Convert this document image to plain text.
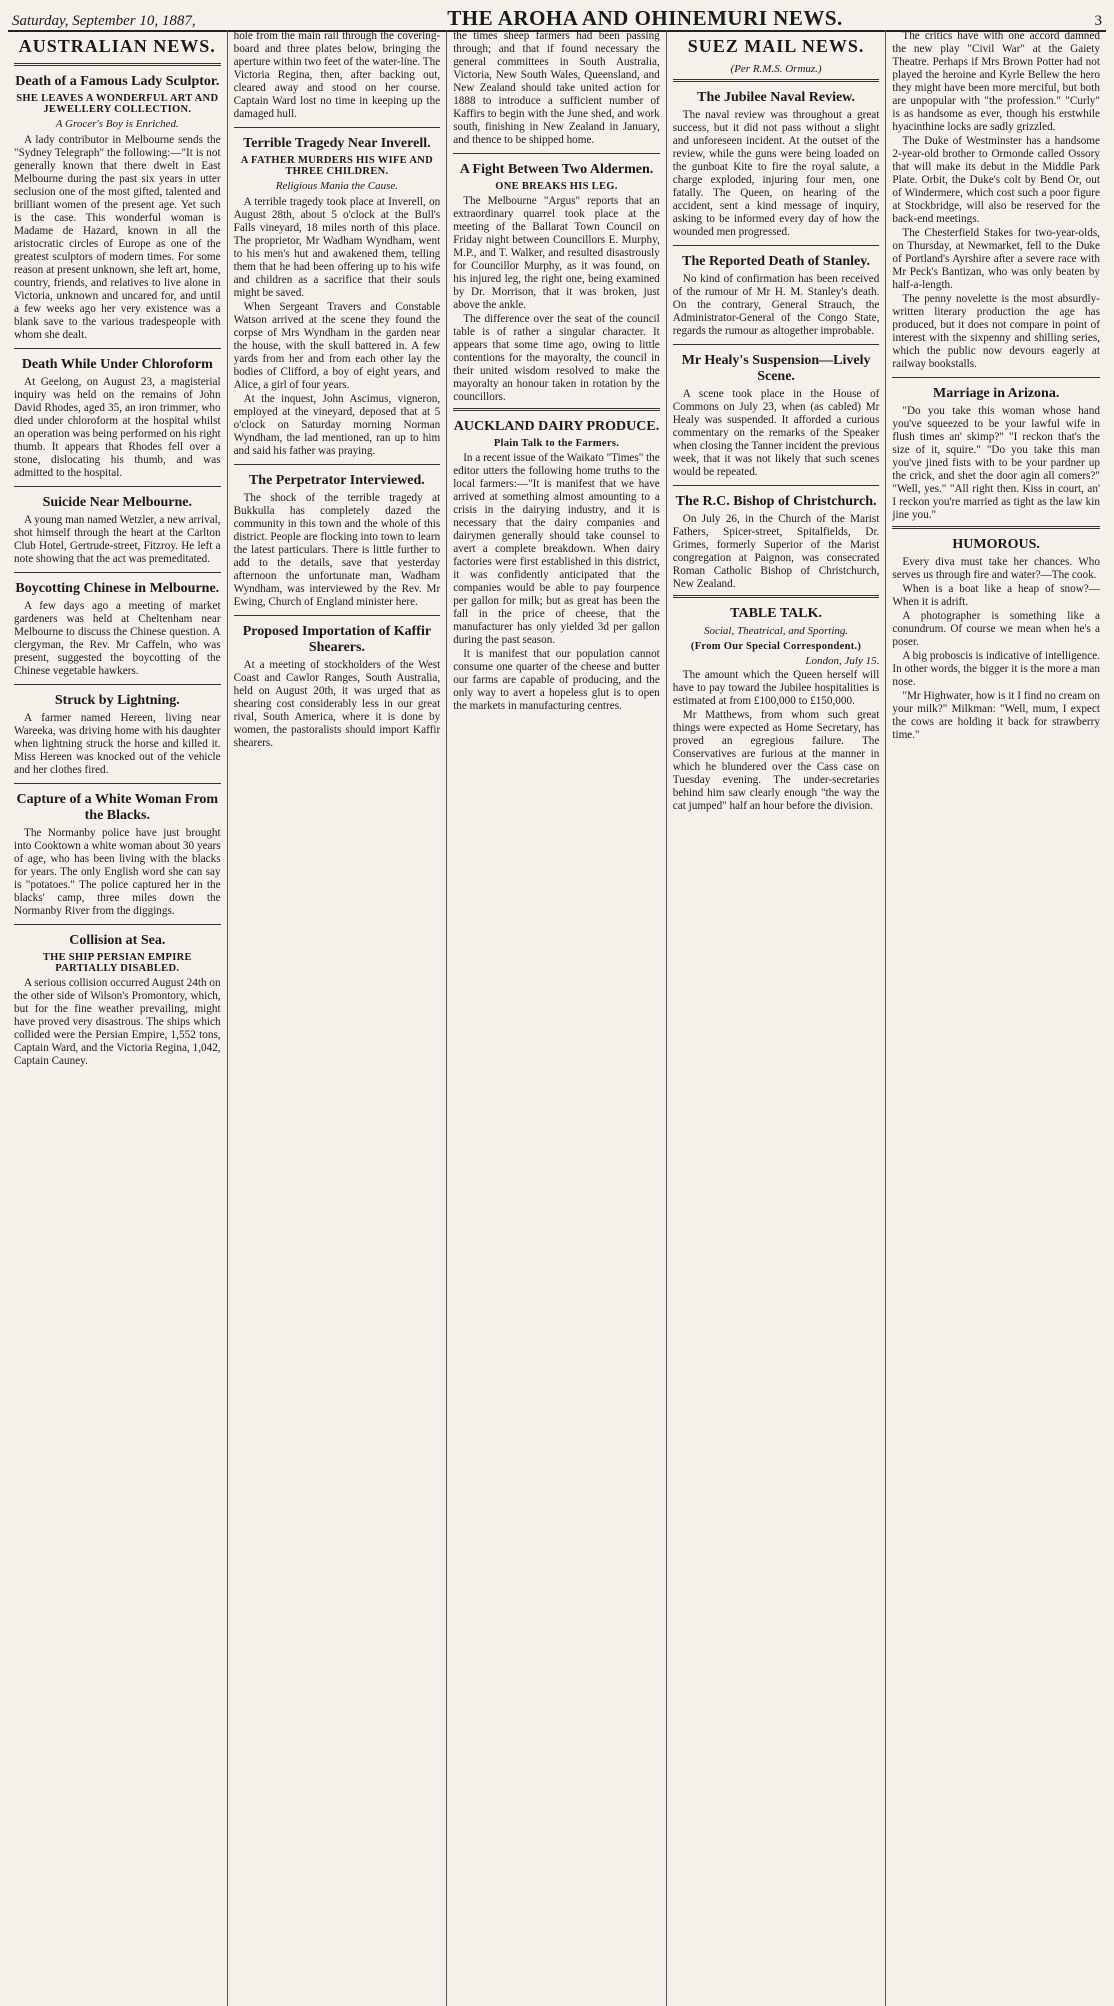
Saturday, September 10, 1887,	THE AROHA AND OHINEMURI NEWS.	3
AUSTRALIAN NEWS.
Death of a Famous Lady Sculptor.
SHE LEAVES A WONDERFUL ART AND JEWELLERY COLLECTION.
A Grocer's Boy is Enriched.

A lady contributor in Melbourne sends the "Sydney Telegraph" the following:—"It is not generally known that there dwelt in East Melbourne during the past six years in utter seclusion one of the most gifted, talented and brilliant women of the present age. Yet such is the case. This wonderful woman is Madame de Hazard, known in all the aristocratic circles of Europe as one of the greatest sculptors of modern times. For some reason at present unknown, she left art, home, country, friends, and relatives to live alone in Victoria, unknown and uncared for, and until a few weeks ago her very existence was a blank save to the various tradespeople with whom she dealt.

Death While Under Chloroform

At Geelong, on August 23, a magisterial inquiry was held on the remains of John David Rhodes, aged 35, an iron trimmer, who died under chloroform at the hospital whilst an operation was being performed on his right thumb. It appears that Rhodes fell over a stone, dislocating his thumb, and was admitted to the hospital.

Suicide Near Melbourne.

A young man named Wetzler, a new arrival, shot himself through the heart at the Carlton Club Hotel, Gertrude-street, Fitzroy. He left a note showing that the act was premeditated.

Boycotting Chinese in Melbourne.

A few days ago a meeting of market gardeners was held at Cheltenham near Melbourne to discuss the Chinese question. A clergyman, the Rev. Mr Caffeln, who was present, suggested the boycotting of the Chinese vegetable hawkers.

Struck by Lightning.

A farmer named Hereen, living near Wareeka, was driving home with his daughter when lightning struck the horse and killed it. Miss Hereen was knocked out of the vehicle and her clothes fired.

Capture of a White Woman From the Blacks.

The Normanby police have just brought into Cooktown a white woman about 30 years of age, who has been living with the blacks for years. The only English word she can say is "potatoes." The police captured her in the blacks' camp, three miles down the Normanby River from the diggings.

Collision at Sea.
THE SHIP PERSIAN EMPIRE PARTIALLY DISABLED.

A serious collision occurred August 24th on the other side of Wilson's Promontory, which, but for the fine weather prevailing, might have proved very disastrous. The ships which collided were the Persian Empire, 1,552 tons, Captain Ward, and the Victoria Regina, 1,042, Captain Cauney.

hole from the main rail through the covering-board and three plates below, bringing the aperture within two feet of the water-line. The Victoria Regina, then, after backing out, cleared away and stood on her course. Captain Ward lost no time in keeping up the damaged hull.

Terrible Tragedy Near Inverell.
A FATHER MURDERS HIS WIFE AND THREE CHILDREN.
Religious Mania the Cause.

A terrible tragedy took place at Inverell, on August 28th, about 5 o'clock at the Bull's Falls vineyard, 18 miles north of this place. The proprietor, Mr Wadham Wyndham, went to his men's hut and awakened them, telling them that he had been offering up to his wife and children as a sacrifice that their souls might be saved.

When Sergeant Travers and Constable Watson arrived at the scene they found the corpse of Mrs Wyndham in the garden near the house, with the skull battered in. A few yards from her and from each other lay the bodies of Clifford, a boy of eight years, and Alice, a girl of four years.

At the inquest, John Ascimus, vigneron, employed at the vineyard, deposed that at 5 o'clock on Saturday morning Norman Wyndham, the lad mentioned, ran up to him and said his father was praying.

The Perpetrator Interviewed.

The shock of the terrible tragedy at Bukkulla has completely dazed the community in this town and the whole of this district. People are flocking into town to learn the latest particulars. There is little further to add to the details, save that yesterday afternoon the unfortunate man, Wadham Wyndham, was interviewed by the Rev. Mr Ewing, Church of England minister here.

Proposed Importation of Kaffir Shearers.

At a meeting of stockholders of the West Coast and Cawlor Ranges, South Australia, held on August 20th, it was urged that as shearing cost considerably less in our great rival, South America, where it is done by women, the pastoralists should import Kaffir shearers.

the times sheep farmers had been passing through; and that if found necessary the general committees in South Australia, Victoria, New South Wales, Queensland, and New Zealand should take united action for 1888 to introduce a sufficient number of Kaffirs to begin with the June shed, and work south, finishing in New Zealand in January, and thence to be shipped home.

A Fight Between Two Aldermen.
ONE BREAKS HIS LEG.

The Melbourne "Argus" reports that an extraordinary quarrel took place at the meeting of the Ballarat Town Council on Friday night between Councillors E. Murphy, M.P., and T. Walker, and resulted disastrously for Councillor Murphy, as it was found, on his injured leg, the right one, being examined by Dr. Morrison, that it was broken, just above the ankle.

The difference over the seat of the council table is of rather a singular character. It appears that some time ago, owing to little contentions for the mayoralty, the council in their united wisdom resolved to make the mayoralty an honour taken in rotation by the councillors.

AUCKLAND DAIRY PRODUCE.
Plain Talk to the Farmers.

In a recent issue of the Waikato "Times" the editor utters the following home truths to the local farmers:—"It is manifest that we have arrived at something almost amounting to a crisis in the dairying industry, and it is necessary that the dairy companies and dairymen generally should take counsel to avert a complete breakdown. When dairy factories were first established in this district, it was confidently anticipated that the companies would be able to pay fourpence per gallon for milk; but as great has been the fall in the price of cheese, that the manufacturer has only yielded 3d per gallon during the past season.

It is manifest that our population cannot consume one quarter of the cheese and butter our farms are capable of producing, and the only way to avert a hopeless glut is to open the markets in manufacturing centres.

SUEZ MAIL NEWS.
(Per R.M.S. Ormuz.)
The Jubilee Naval Review.

The naval review was throughout a great success, but it did not pass without a slight and unforeseen incident. At the outset of the review, while the guns were being loaded on the gunboat Kite to fire the royal salute, a charge exploded, injuring four men, one fatally. The Queen, on hearing of the accident, sent a kind message of inquiry, asking to be informed every day of how the wounded men progressed.

The Reported Death of Stanley.

No kind of confirmation has been received of the rumour of Mr H. M. Stanley's death. On the contrary, General Strauch, the Administrator-General of the Congo State, regards the rumour as altogether improbable.

Mr Healy's Suspension—Lively Scene.

A scene took place in the House of Commons on July 23, when (as cabled) Mr Healy was suspended. It afforded a curious commentary on the remarks of the Speaker when closing the Tanner incident the previous week, that it was not likely that such scenes would be repeated.

The R.C. Bishop of Christchurch.

On July 26, in the Church of the Marist Fathers, Spicer-street, Spitalfields, Dr. Grimes, formerly Superior of the Marist congregation at Paignon, was consecrated Roman Catholic Bishop of Christchurch, New Zealand.

TABLE TALK.
Social, Theatrical, and Sporting.
(From Our Special Correspondent.)
London, July 15.

The amount which the Queen herself will have to pay toward the Jubilee hospitalities is estimated at from £100,000 to £150,000.

Mr Matthews, from whom such great things were expected as Home Secretary, has proved an egregious failure. The Conservatives are furious at the manner in which he blundered over the Cass case on Tuesday evening. The under-secretaries behind him saw clearly enough "the way the cat jumped" half an hour before the division.

The critics have with one accord damned the new play "Civil War" at the Gaiety Theatre. Perhaps if Mrs Brown Potter had not played the heroine and Kyrle Bellew the hero they might have been more merciful, but both are unpopular with "the profession." "Curly" is as handsome as ever, though his erstwhile hyacinthine locks are sadly grizzled.

The Duke of Westminster has a handsome 2-year-old brother to Ormonde called Ossory that will make its debut in the Middle Park Plate. Orbit, the Duke's colt by Bend Or, out of Windermere, which cost such a poor figure at Stockbridge, will also be reserved for the back-end meetings.

The Chesterfield Stakes for two-year-olds, on Thursday, at Newmarket, fell to the Duke of Portland's Ayrshire after a severe race with Mr Peck's Bantizan, who was only beaten by half-a-length.

The penny novelette is the most absurdly-written literary production the age has produced, but it does not compare in point of interest with the sixpenny and shilling series, which the public now devours eagerly at railway bookstalls.

Marriage in Arizona.

"Do you take this woman whose hand you've squeezed to be your lawful wife in flush times an' skimp?" "I reckon that's the size of it, squire." "Do you take this man you've jined fists with to be your pardner up the crick, and shet the door agin all comers?" "Well, yes." "All right then. Kiss in court, an' I reckon you're married as tight as the law kin jine you."

HUMOROUS.

Every diva must take her chances. Who serves us through fire and water?—The cook.

When is a boat like a heap of snow?—When it is adrift.

A photographer is something like a conundrum. Of course we mean when he's a poser.

A big proboscis is indicative of intelligence. In other words, the bigger it is the more a man nose.

"Mr Highwater, how is it I find no cream on your milk?" Milkman: "Well, mum, I expect the cows are holding it back for strawberry time."
